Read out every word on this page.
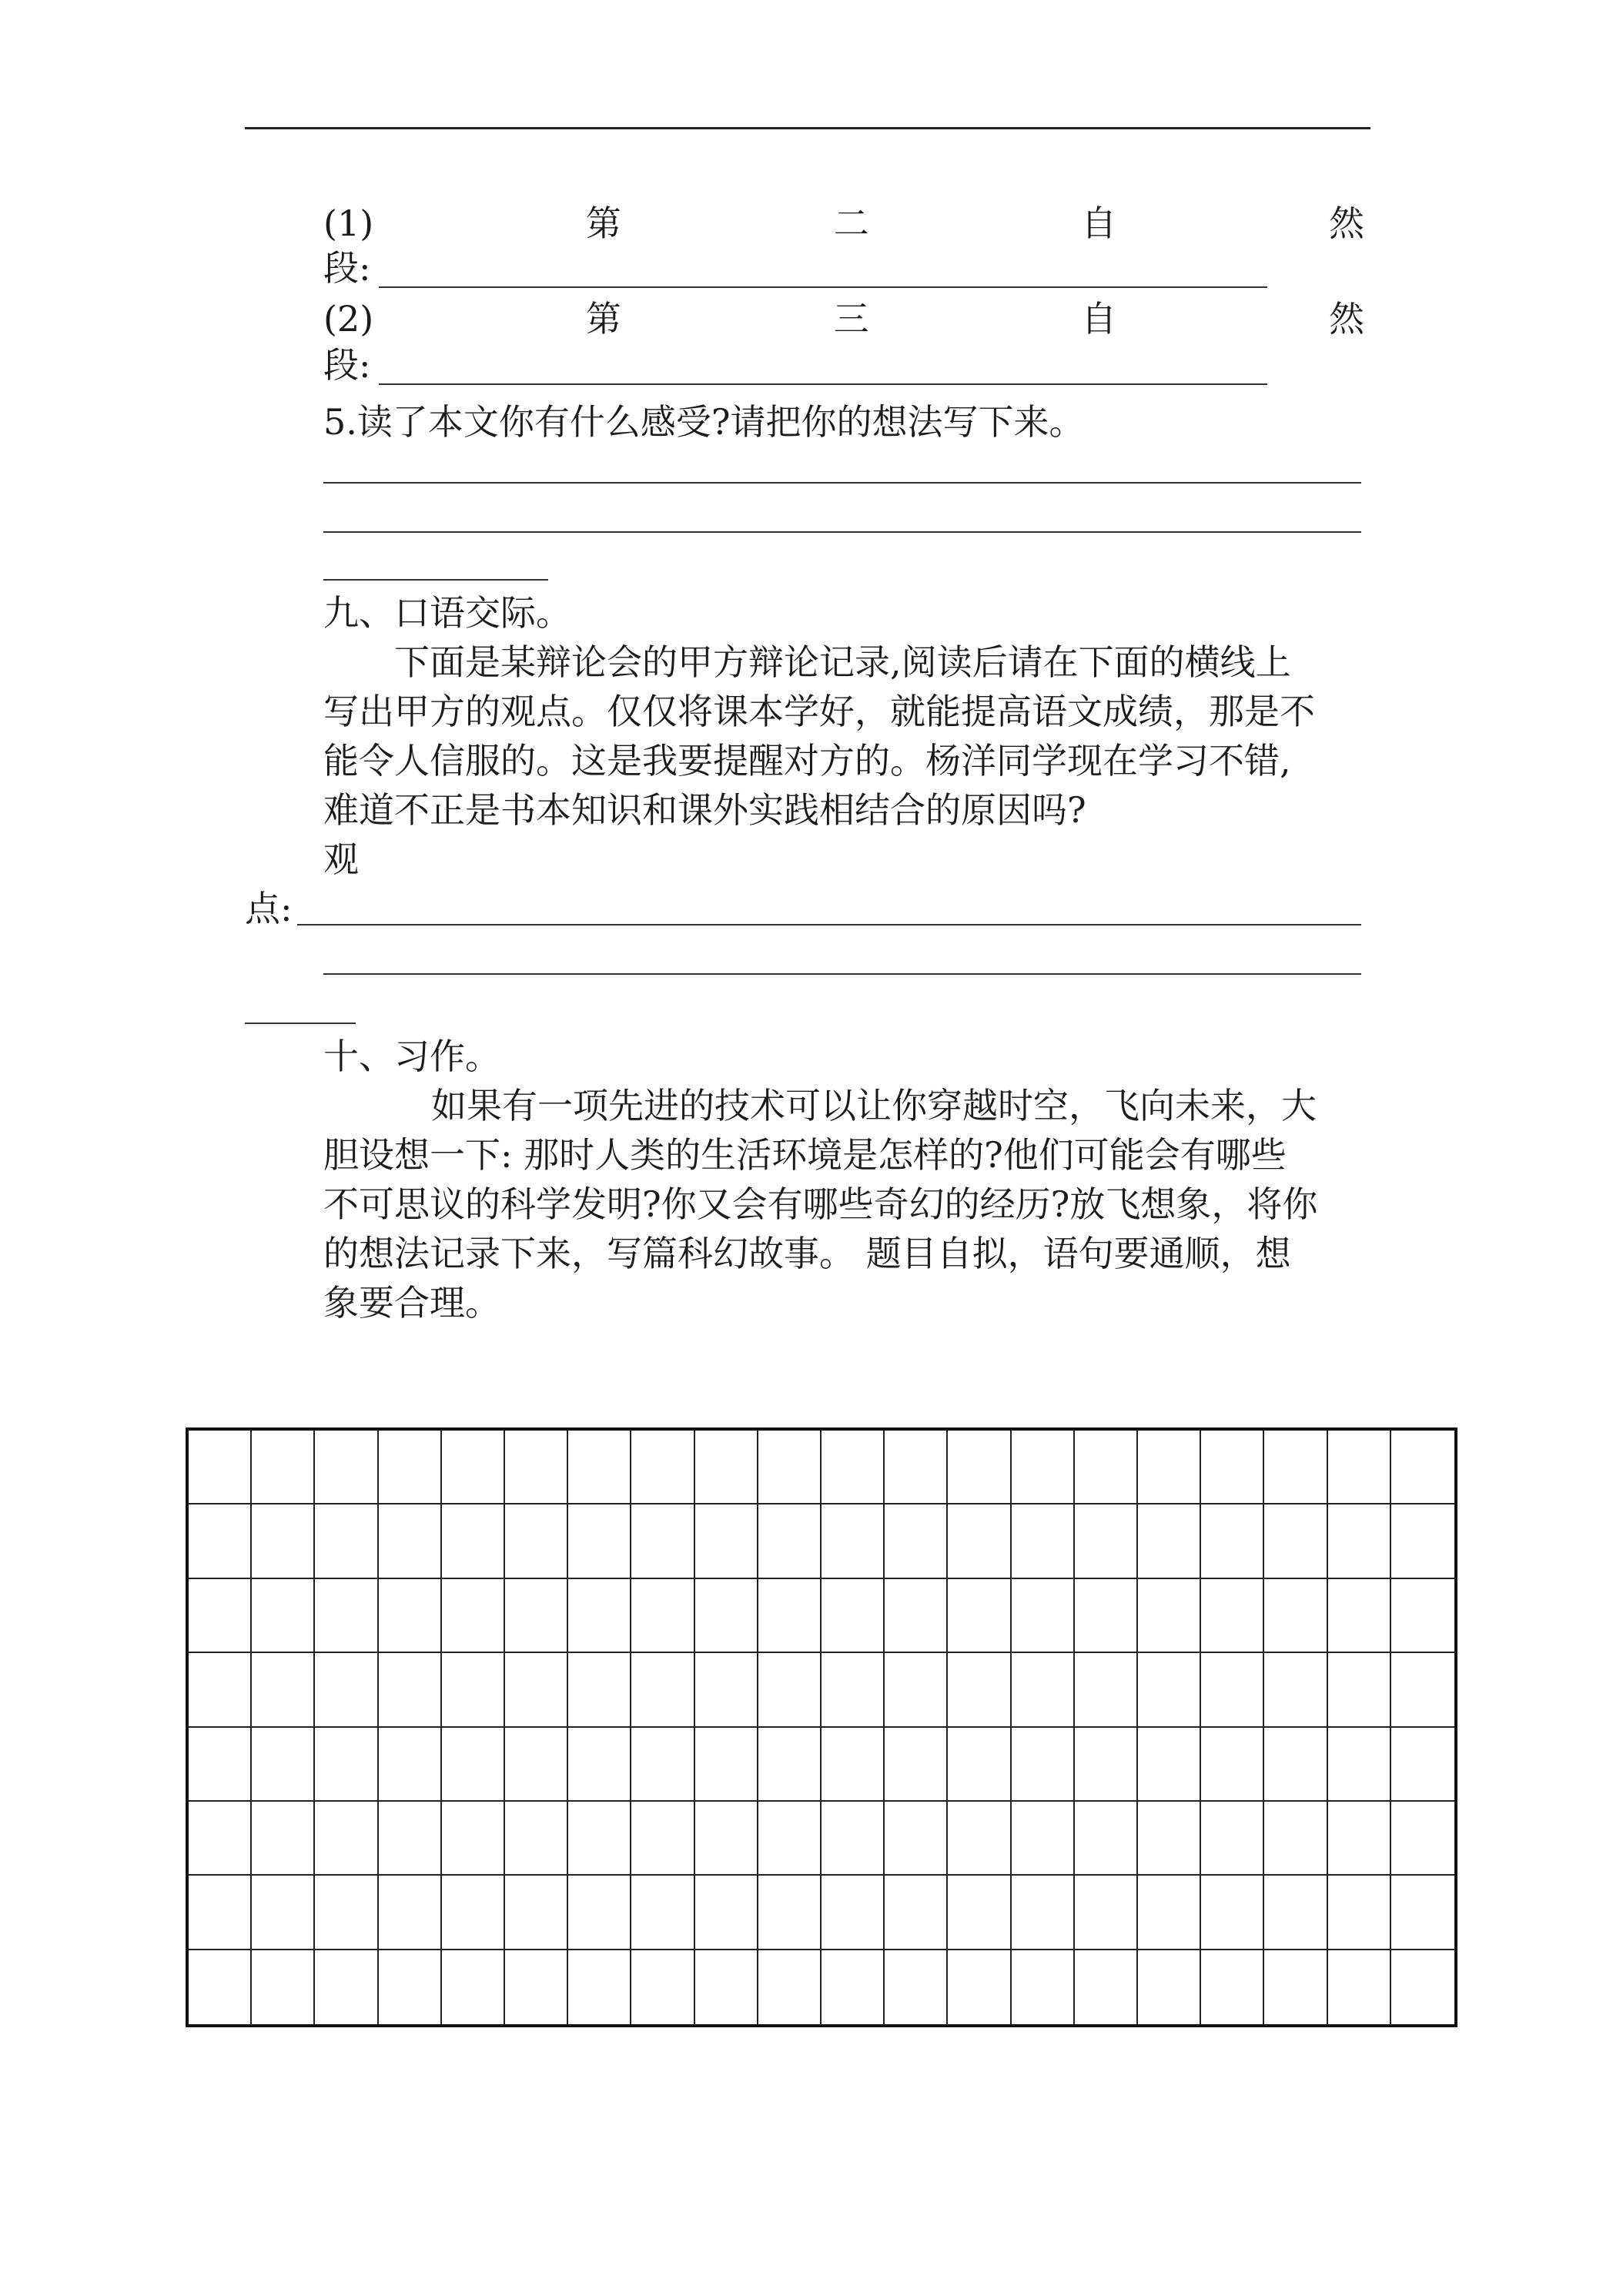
(1)	第	二	自	然
段:
(2)	第	三	自	然
段:
5.读了本文你有什么感受?请把你的想法写下来。
九、口语交际。
下面是某辩论会的甲方辩论记录,阅读后请在下面的横线上
写出甲方的观点。仅仅将课本学好，就能提高语文成绩，那是不
能令人信服的。这是我要提醒对方的。杨洋同学现在学习不错,
难道不正是书本知识和课外实践相结合的原因吗?
观
点:
十、习作。
如果有一项先进的技术可以让你穿越时空，飞向未来，大
胆设想一下: 那时人类的生活环境是怎样的?他们可能会有哪些
不可思议的科学发明?你又会有哪些奇幻的经历?放飞想象，将你
的想法记录下来，写篇科幻故事。 题目自拟，语句要通顺，想
象要合理。
